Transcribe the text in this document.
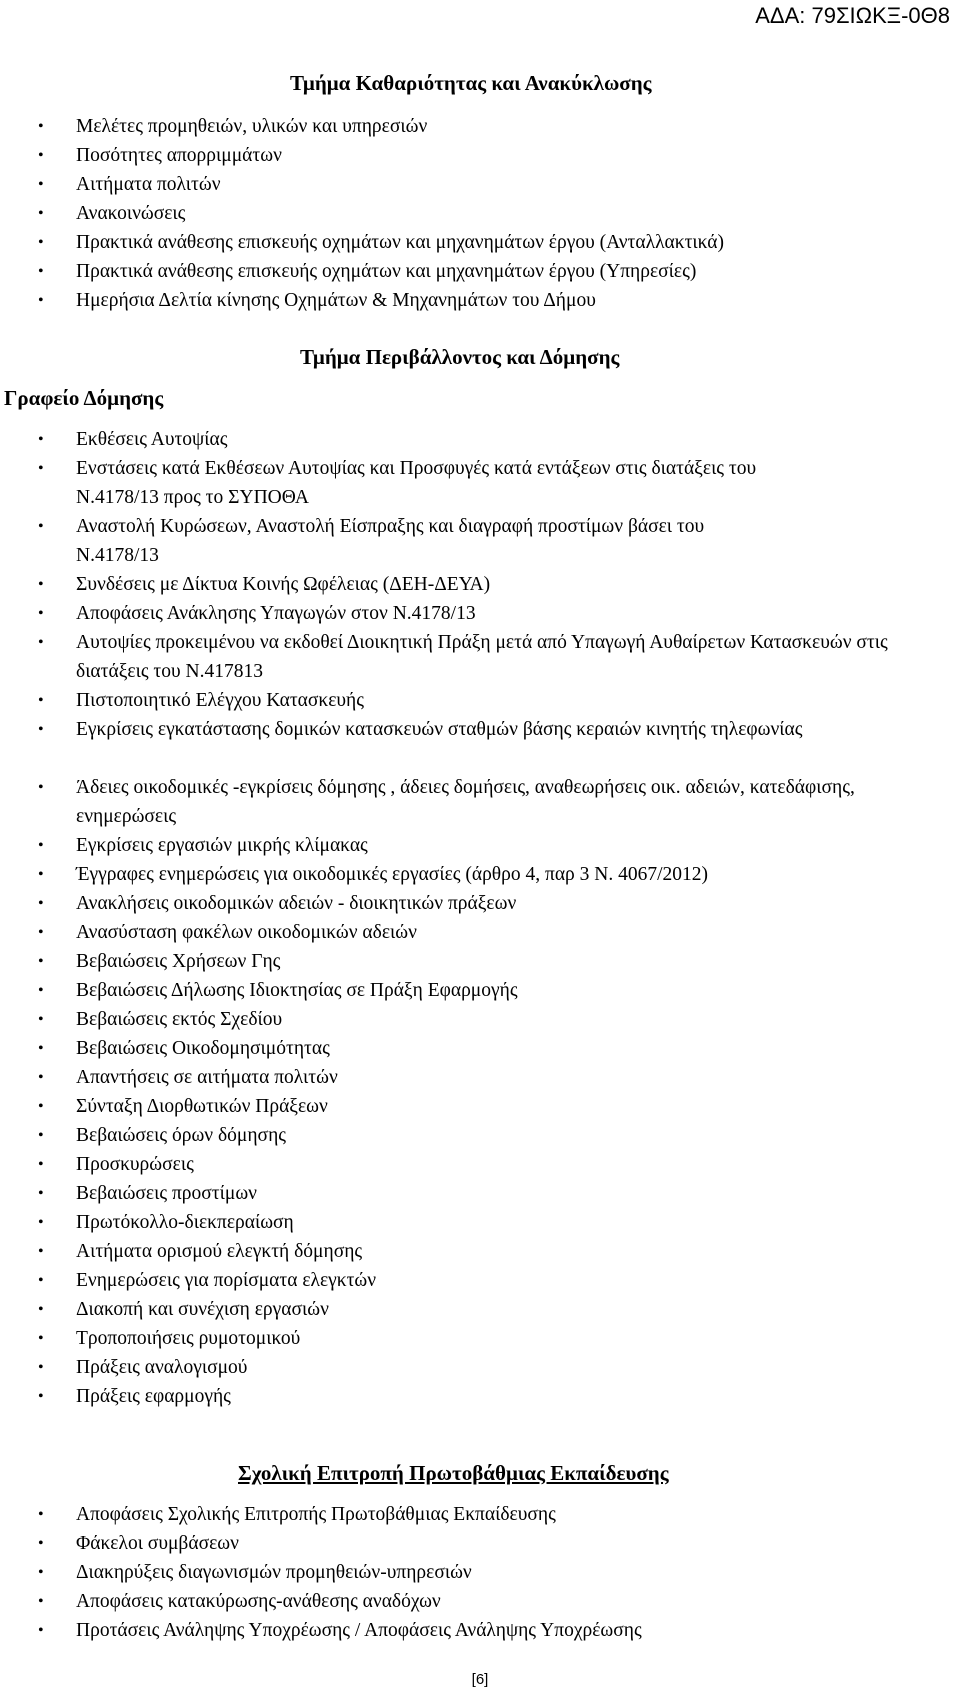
ΑΔΑ: 79ΣΙΩΚΞ-0Θ8
Τμήμα Καθαριότητας και Ανακύκλωσης
• Μελέτες προμηθειών, υλικών και υπηρεσιών
• Ποσότητες απορριμμάτων
• Αιτήματα πολιτών
• Ανακοινώσεις
• Πρακτικά ανάθεσης επισκευής οχημάτων και μηχανημάτων έργου (Ανταλλακτικά)
• Πρακτικά ανάθεσης επισκευής οχημάτων και μηχανημάτων έργου (Υπηρεσίες)
• Ημερήσια Δελτία κίνησης Οχημάτων & Μηχανημάτων του Δήμου
Τμήμα Περιβάλλοντος και Δόμησης
Γραφείο Δόμησης
• Εκθέσεις Αυτοψίας
• Ενστάσεις κατά Εκθέσεων Αυτοψίας και Προσφυγές κατά εντάξεων στις διατάξεις του
Ν.4178/13 προς το ΣΥΠΟΘΑ
• Αναστολή Κυρώσεων, Αναστολή Είσπραξης και διαγραφή προστίμων βάσει του
Ν.4178/13
• Συνδέσεις με Δίκτυα Κοινής Ωφέλειας (ΔΕΗ-ΔΕΥΑ)
• Αποφάσεις Ανάκλησης Υπαγωγών στον Ν.4178/13
• Αυτοψίες προκειμένου να εκδοθεί Διοικητική Πράξη μετά από Υπαγωγή Αυθαίρετων Κατασκευών στις διατάξεις του Ν.417813
• Πιστοποιητικό Ελέγχου Κατασκευής
• Εγκρίσεις εγκατάστασης δομικών κατασκευών σταθμών βάσης κεραιών κινητής τηλεφωνίας
• Άδειες οικοδομικές -εγκρίσεις δόμησης , άδειες δομήσεις, αναθεωρήσεις οικ. αδειών, κατεδάφισης, ενημερώσεις
• Εγκρίσεις εργασιών μικρής κλίμακας
• Έγγραφες ενημερώσεις για οικοδομικές εργασίες (άρθρο 4, παρ 3 Ν. 4067/2012)
• Ανακλήσεις οικοδομικών αδειών - διοικητικών πράξεων
• Ανασύσταση φακέλων οικοδομικών αδειών
• Βεβαιώσεις Χρήσεων Γης
• Βεβαιώσεις Δήλωσης Ιδιοκτησίας σε Πράξη Εφαρμογής
• Βεβαιώσεις εκτός Σχεδίου
• Βεβαιώσεις Οικοδομησιμότητας
• Απαντήσεις σε αιτήματα πολιτών
• Σύνταξη Διορθωτικών Πράξεων
• Βεβαιώσεις όρων δόμησης
• Προσκυρώσεις
• Βεβαιώσεις προστίμων
• Πρωτόκολλο-διεκπεραίωση
• Αιτήματα ορισμού ελεγκτή δόμησης
• Ενημερώσεις για πορίσματα ελεγκτών
• Διακοπή και συνέχιση εργασιών
• Τροποποιήσεις ρυμοτομικού
• Πράξεις αναλογισμού
• Πράξεις εφαρμογής
Σχολική Επιτροπή Πρωτοβάθμιας Εκπαίδευσης
• Αποφάσεις Σχολικής Επιτροπής Πρωτοβάθμιας Εκπαίδευσης
• Φάκελοι συμβάσεων
• Διακηρύξεις διαγωνισμών προμηθειών-υπηρεσιών
• Αποφάσεις κατακύρωσης-ανάθεσης αναδόχων
• Προτάσεις Ανάληψης Υποχρέωσης / Αποφάσεις Ανάληψης Υποχρέωσης
[6]
